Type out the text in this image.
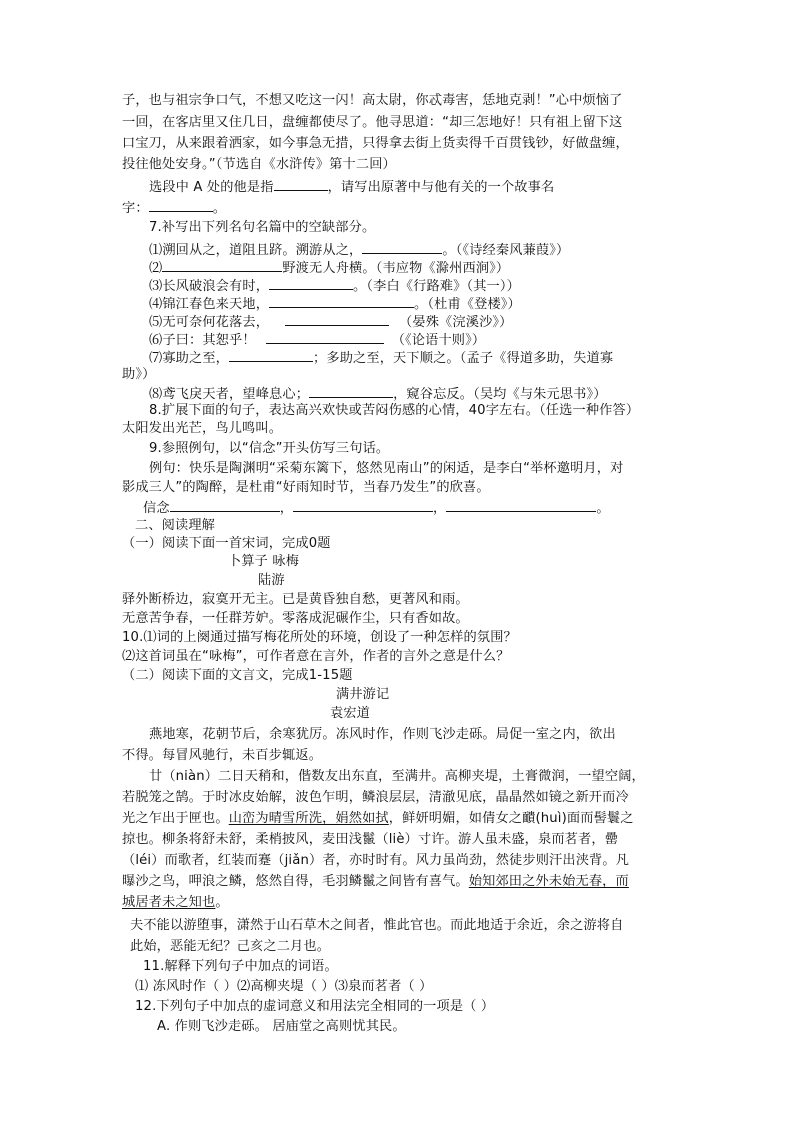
子，也与祖宗争口气，不想又吃这一闪！高太尉，你忒毒害，恁地克剥！”心中烦恼了
一回，在客店里又住几日，盘缠都使尽了。他寻思道：“却三怎地好！只有祖上留下这
口宝刀，从来跟着洒家，如今事急无措，只得拿去街上货卖得千百贯钱钞，好做盘缠，
投往他处安身。”（节选自《水浒传》第十二回）
选段中 A 处的他是指	，请写出原著中与他有关的一个故事名
字：	。
7.补写出下列名句名篇中的空缺部分。
⑴溯回从之，道阻且跻。溯游从之，	。（《诗经秦风蒹葭》）
⑵	野渡无人舟横。（韦应物《滁州西涧》）
⑶长风破浪会有时，	。（李白《行路难》（其一））
⑷锦江春色来天地，	。（杜甫《登楼》）
⑸无可奈何花落去，	（晏殊《浣溪沙》）
⑹子曰：其恕乎！	（《论语十则》）
⑺寡助之至，	；多助之至，天下顺之。（孟子《得道多助，失道寡
助》）
⑻鸢飞戾天者，望峰息心；	，窥谷忘反。（吴均《与朱元思书》）
8.扩展下面的句子，表达高兴欢快或苦闷伤感的心情，40字左右。（任选一种作答）
太阳发出光芒，鸟儿鸣叫。
9.参照例句，以“信念”开头仿写三句话。
例句：快乐是陶渊明“采菊东篱下，悠然见南山”的闲适，是李白“举杯邀明月，对
影成三人”的陶醉，是杜甫“好雨知时节，当春乃发生”的欣喜。
信念	，	，	。
二、阅读理解
（一）阅读下面一首宋词，完成0题
卜算子 咏梅
陆游
驿外断桥边，寂寞开无主。已是黄昏独自愁，更著风和雨。
无意苦争春，一任群芳妒。零落成泥碾作尘，只有香如故。
10.⑴词的上阕通过描写梅花所处的环境，创设了一种怎样的氛围？
⑵这首词虽在“咏梅”，可作者意在言外，作者的言外之意是什么？
（二）阅读下面的文言文，完成1-15题
满井游记
袁宏道
燕地寒，花朝节后，余寒犹厉。冻风时作，作则飞沙走砾。局促一室之内，欲出
不得。每冒风驰行，未百步辄返。
廿（niàn）二日天稍和，偕数友出东直，至满井。高柳夹堤，土膏微润，一望空阔，
若脱笼之鹄。于时冰皮始解，波色乍明，鳞浪层层，清澈见底，晶晶然如镜之新开而冷
光之乍出于匣也。山峦为晴雪所洗，娟然如拭，鲜妍明媚，如倩女之靧(huì)面而髻鬟之
掠也。柳条将舒未舒，柔梢披风，麦田浅鬣（liè）寸许。游人虽未盛，泉而茗者，罍
（léi）而歌者，红装而蹇（jiǎn）者，亦时时有。风力虽尚劲，然徒步则汗出浃背。凡
曝沙之鸟，呷浪之鳞，悠然自得，毛羽鳞鬣之间皆有喜气。始知郊田之外未始无春，而
城居者未之知也。
夫不能以游堕事，潇然于山石草木之间者，惟此官也。而此地适于余近，余之游将自
此始，恶能无纪？己亥之二月也。
11.解释下列句子中加点的词语。
⑴ 冻风时作（ ）⑵高柳夹堤（ ）⑶泉而茗者（ ）
12.下列句子中加点的虚词意义和用法完全相同的一项是（ ）
A. 作则飞沙走砾。 居庙堂之高则忧其民。
